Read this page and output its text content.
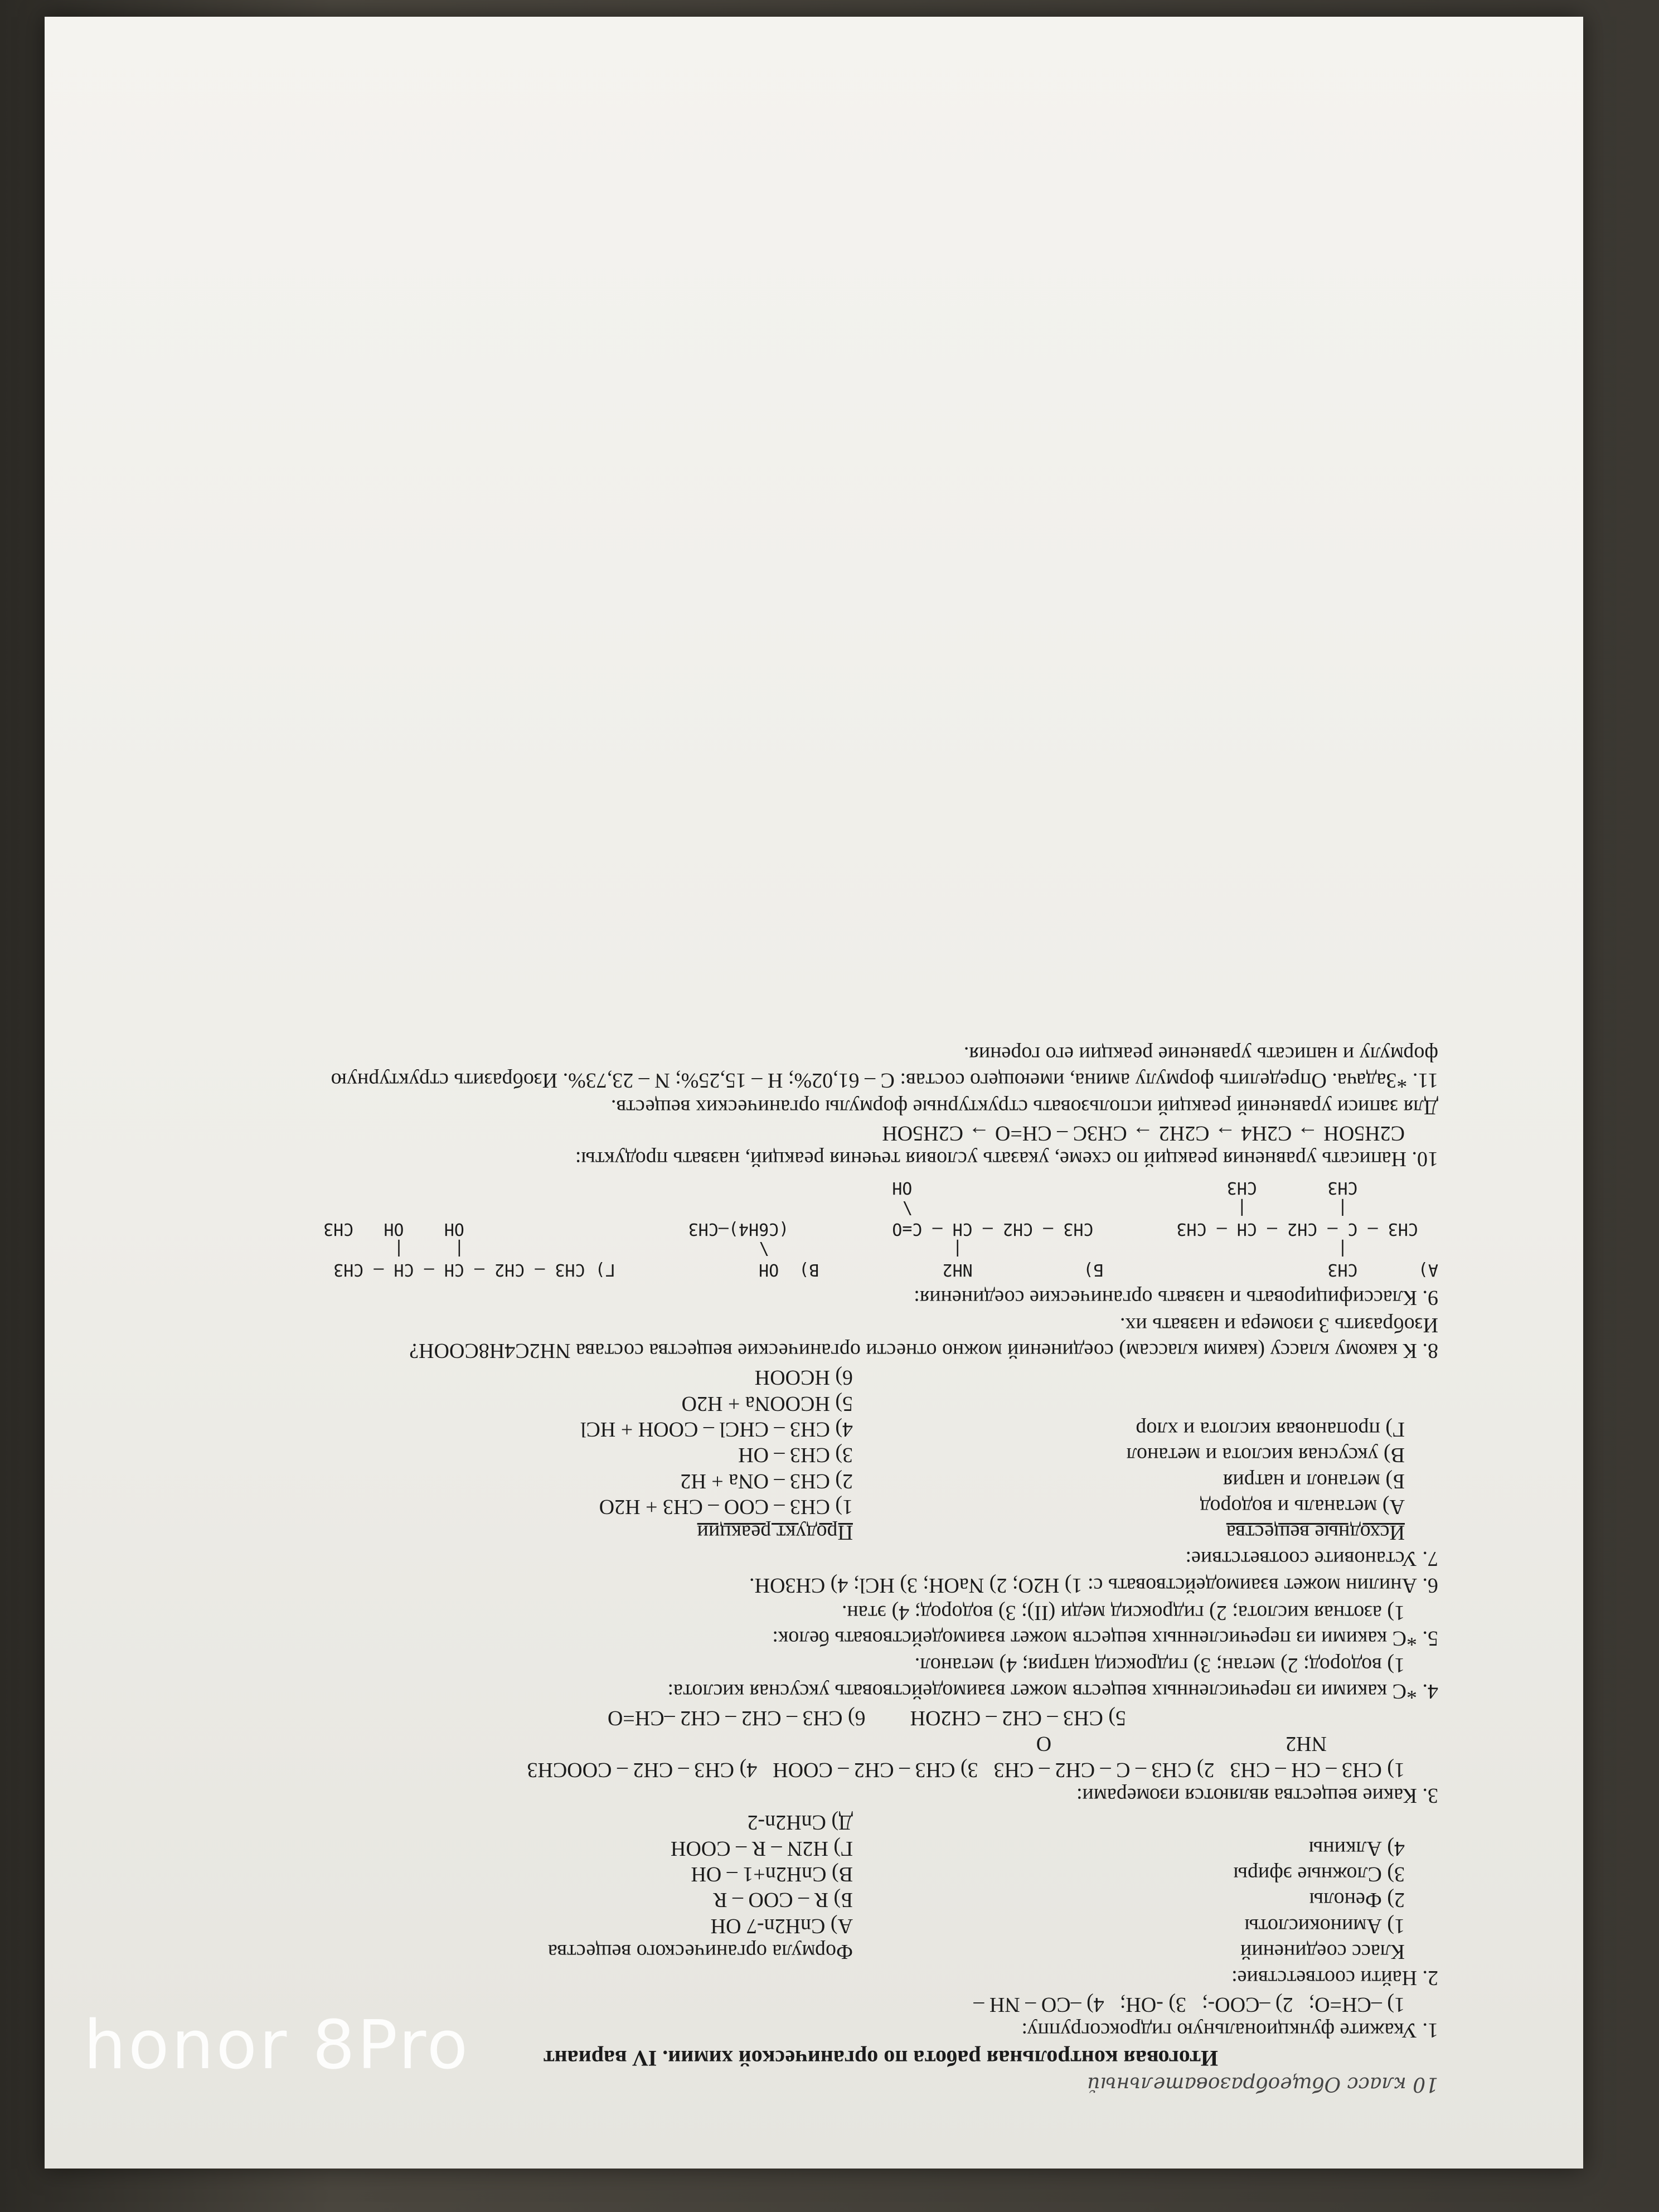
10 класс Общеобразовательный
Итоговая контрольная работа по органической химии. IV вариант
1. Укажите функциональную гидроксогруппу:
1) –CH=O;
2) –COO-;
3) -OH;
4) –CO – NH –
2. Найти соответствие:
Класс соединений
Формула органического вещества
1) Аминокислоты
А) CnH2n-7 OH
2) Фенолы
Б) R – COO – R
3) Сложные эфиры
В) CnH2n+1 – OH
4) Алкины
Г) H2N – R – COOH
Д) CnH2n-2
3. Какие вещества являются изомерами:
1) CH3 – CH – CH3
2) CH3 – C – CH2 – CH3
3) CH3 – CH2 – COOH
4) CH3 – CH2 – COOCH3
NH2
O
5) CH3 – CH2 – CH2OH
6) CH3 – CH2 – CH2 –CH=O
4. *С какими из перечисленных веществ может взаимодействовать уксусная кислота:
1) водород; 2) метан; 3) гидроксид натрия; 4) метанол.
5. *С какими из перечисленных веществ может взаимодействовать белок:
1) азотная кислота; 2) гидроксид меди (II); 3) водород; 4) этан.
6. Анилин может взаимодействовать с: 1) H2O; 2) NaOH; 3) HCl; 4) CH3OH.
7. Установите соответствие:
Исходные вещества
Продукт реакции
А) метаналь и водород
1) CH3 – COO – CH3 + H2O
Б) метанол и натрия
2) CH3 – ONa + H2
В) уксусная кислота и метанол
3) CH3 – OH
Г) пропановая кислота и хлор
4) CH3 – CHCl – COOH + HCl
5) HCOONa + H2O
6) HCOOH
8. К какому классу (каким классам) соединений можно отнести органические вещества состава NH2C4H8COOH? Изобразить 3 изомера и назвать их.
9. Классифицировать и назвать органические соединения:
А)      CH3
|
CH3 – C – CH2 – CH – CH3
|         |
CH3       CH3
Б)           NH2
|
CH3 – CH2 – CH – C=O
\
OH
В)  OH
\
(C6H4)–CH3
Г) CH3 – CH2 – CH – CH – CH3
|     |
OH    OH   CH3
10. Написать уравнения реакций по схеме, указать условия течения реакций, назвать продукты:
C2H5OH → C2H4 → C2H2 → CH3C – CH=O → C2H5OH
Для записи уравнений реакций использовать структурные формулы органических веществ.
11. *Задача. Определить формулу амина, имеющего состав: C – 61,02%; H – 15,25%; N – 23,73%. Изобразить структурную формулу и написать уравнение реакции его горения.
honor 8Pro
